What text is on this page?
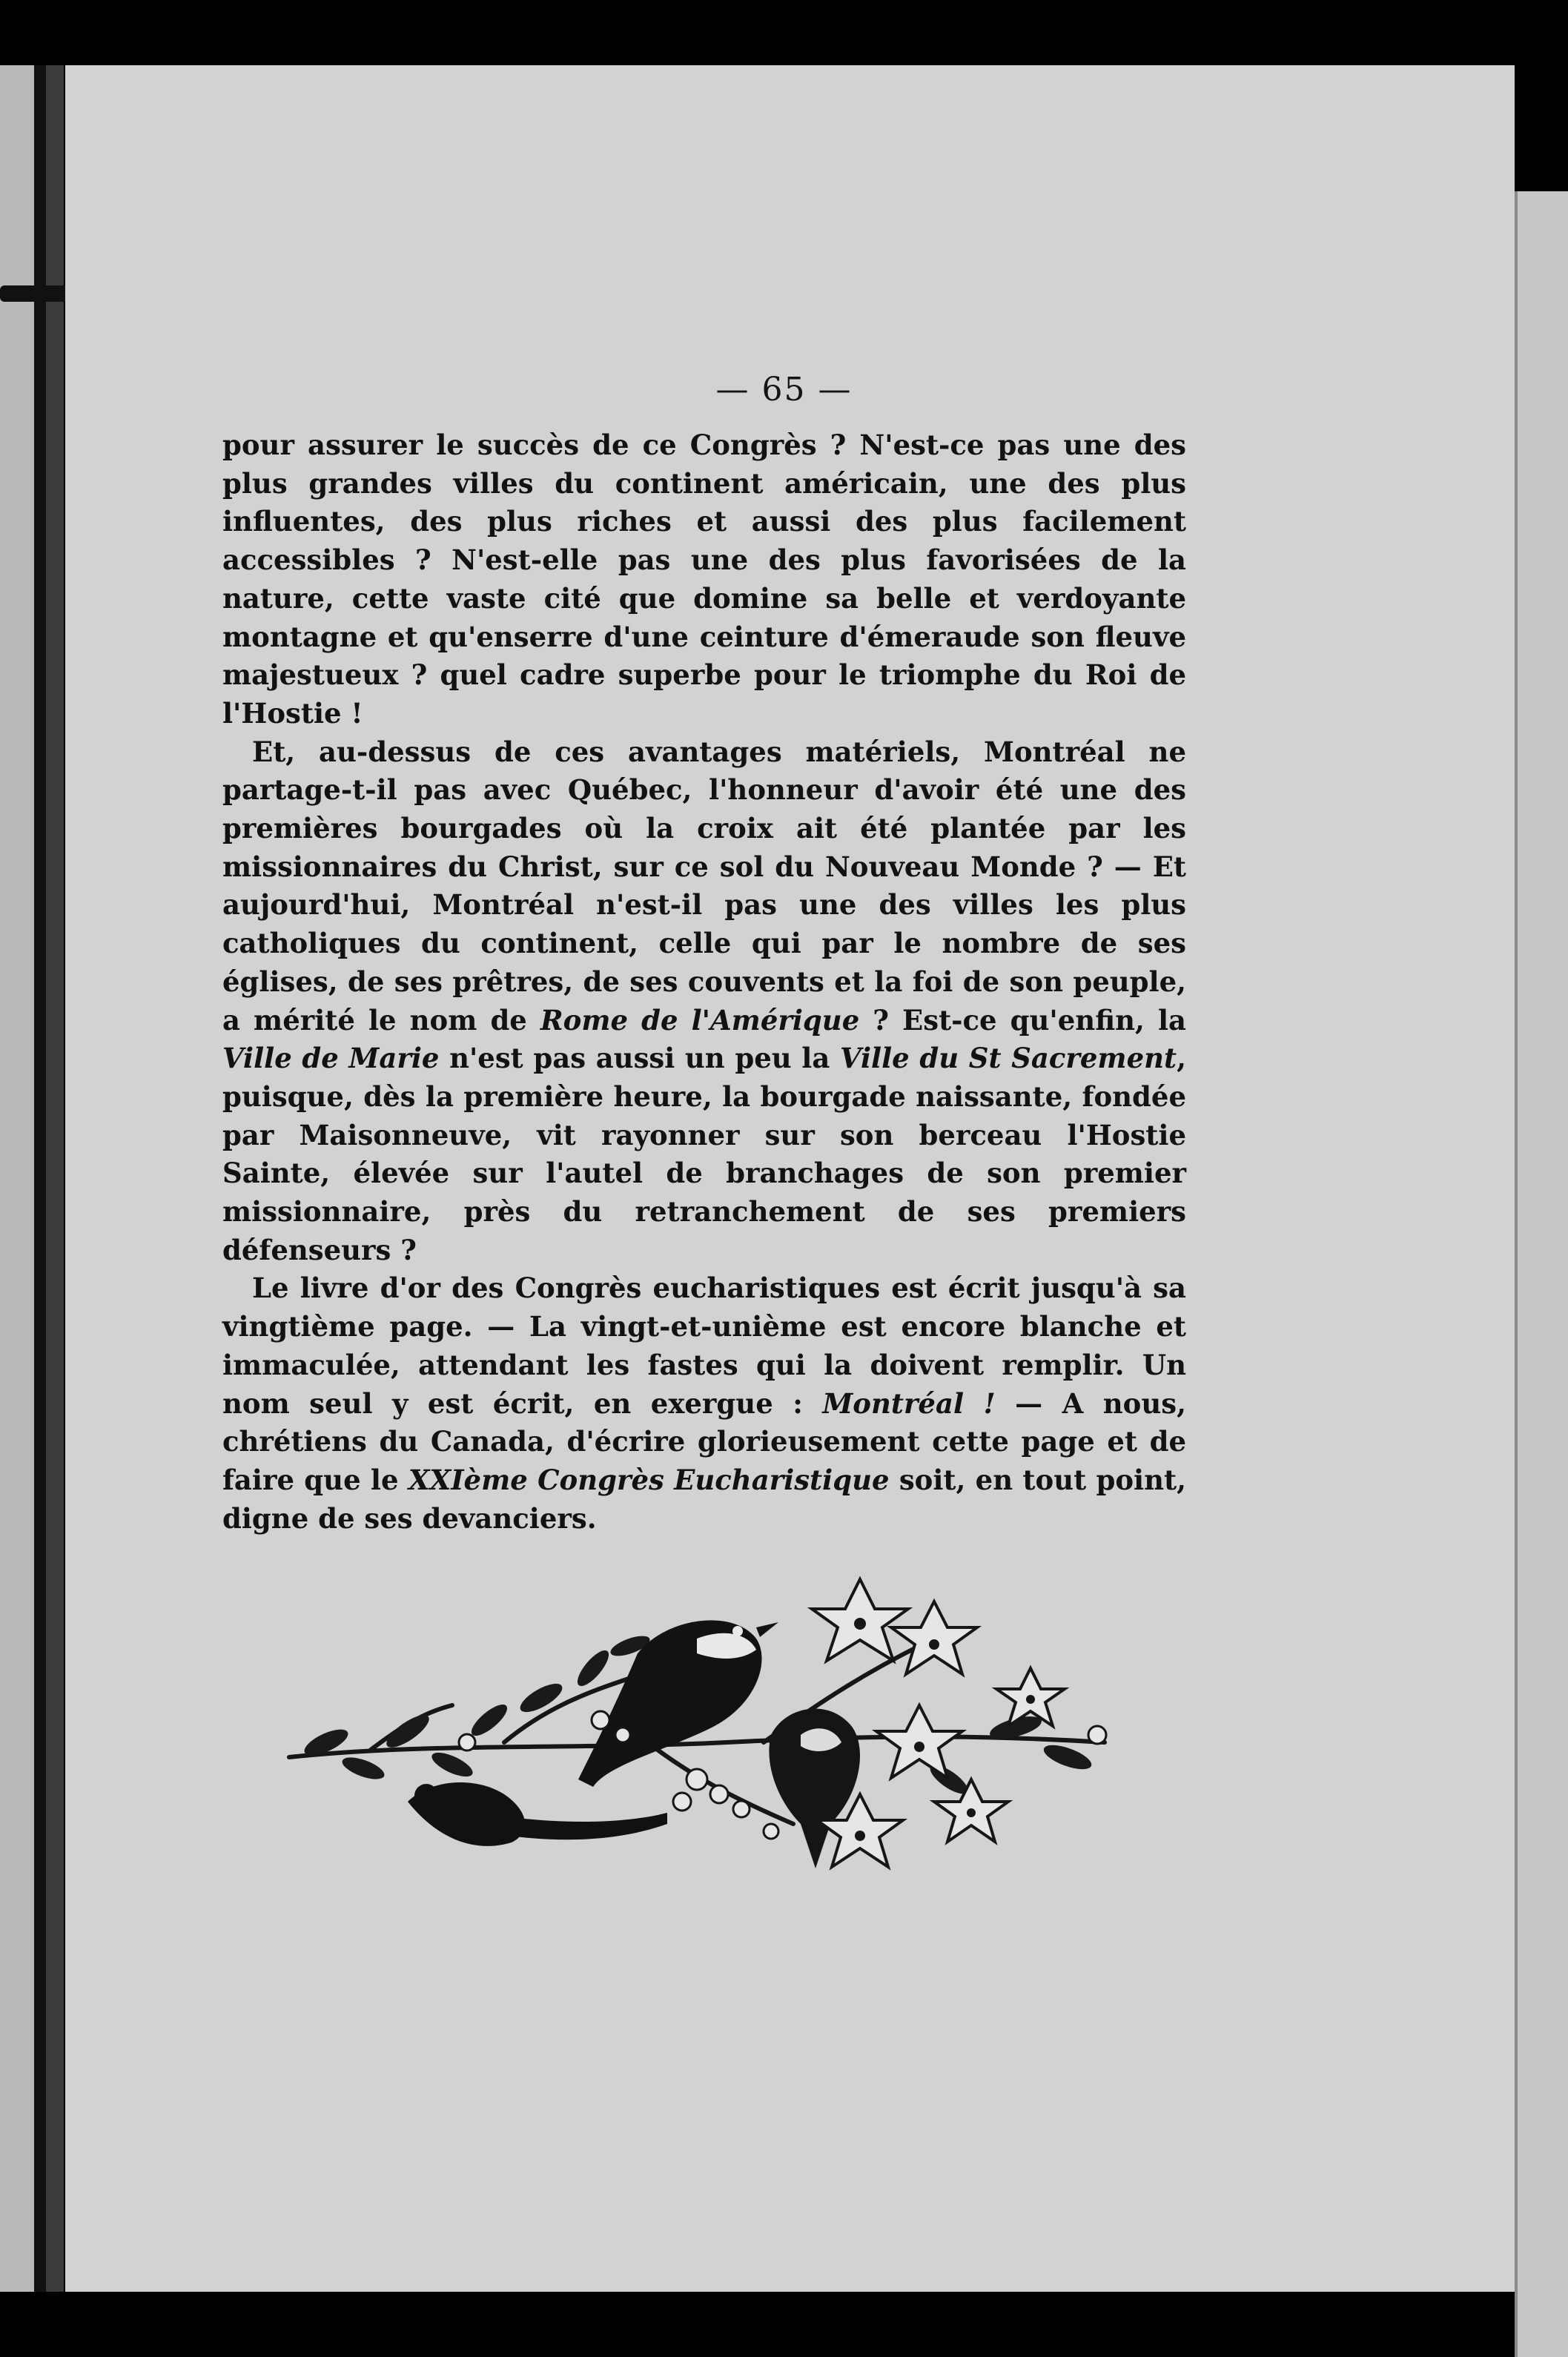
— 65 —

pour assurer le succès de ce Congrès ? N'est-ce pas une des plus grandes villes du continent américain, une des plus influentes, des plus riches et aussi des plus facilement accessibles ? N'est-elle pas une des plus favorisées de la nature, cette vaste cité que domine sa belle et verdoyante montagne et qu'enserre d'une ceinture d'émeraude son fleuve majestueux ? quel cadre superbe pour le triomphe du Roi de l'Hostie !

Et, au-dessus de ces avantages matériels, Montréal ne partage-t-il pas avec Québec, l'honneur d'avoir été une des premières bourgades où la croix ait été plantée par les missionnaires du Christ, sur ce sol du Nouveau Monde ? — Et aujourd'hui, Montréal n'est-il pas une des villes les plus catholiques du continent, celle qui par le nombre de ses églises, de ses prêtres, de ses couvents et la foi de son peuple, a mérité le nom de Rome de l'Amérique ? Est-ce qu'enfin, la Ville de Marie n'est pas aussi un peu la Ville du St Sacrement, puisque, dès la première heure, la bourgade naissante, fondée par Maisonneuve, vit rayonner sur son berceau l'Hostie Sainte, élevée sur l'autel de branchages de son premier missionnaire, près du retranchement de ses premiers défenseurs ?

Le livre d'or des Congrès eucharistiques est écrit jusqu'à sa vingtième page. — La vingt-et-unième est encore blanche et immaculée, attendant les fastes qui la doivent remplir. Un nom seul y est écrit, en exergue : Montréal ! — A nous, chrétiens du Canada, d'écrire glorieusement cette page et de faire que le XXIème Congrès Eucharistique soit, en tout point, digne de ses devanciers.
